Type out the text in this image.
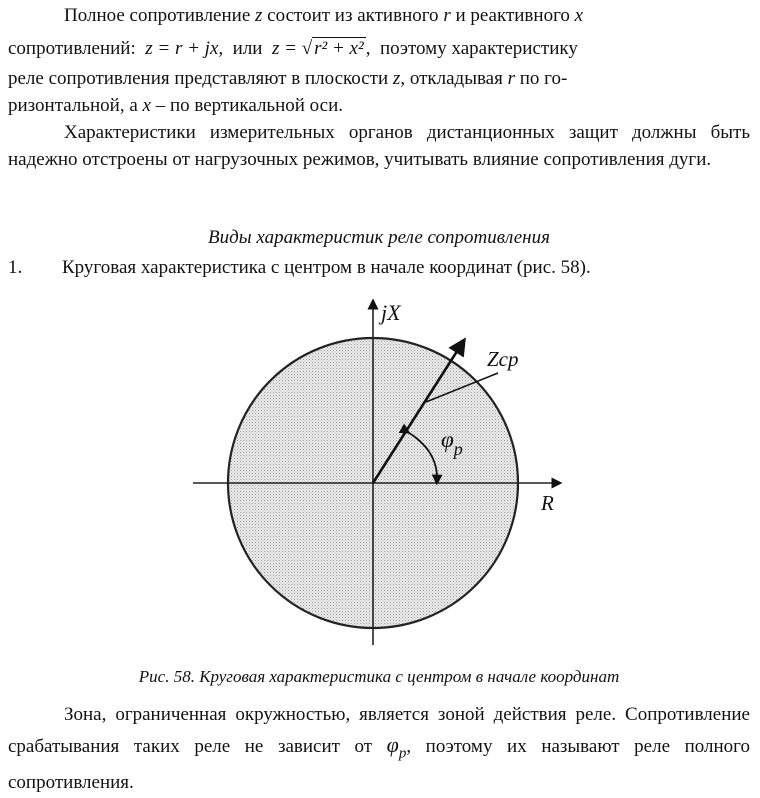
Полное сопротивление z состоит из активного r и реактивного x

сопротивлений: z = r + jx, или z = √ r² + x² , поэтому характеристику

реле сопротивления представляют в плоскости z, откладывая r по го-

ризонтальной, а x – по вертикальной оси.

Характеристики измерительных органов дистанционных защит должны быть надежно отстроены от нагрузочных режимов, учитывать влияние сопротивления дуги.

Виды характеристик реле сопротивления

1. Круговая характеристика с центром в начале координат (рис. 58).

jX
R
Zср
$\varphi_р$

Рис. 58. Круговая характеристика с центром в начале координат

Зона, ограниченная окружностью, является зоной действия реле. Сопротивление срабатывания таких реле не зависит от $\varphi_р$, поэтому их называют реле полного сопротивления.
